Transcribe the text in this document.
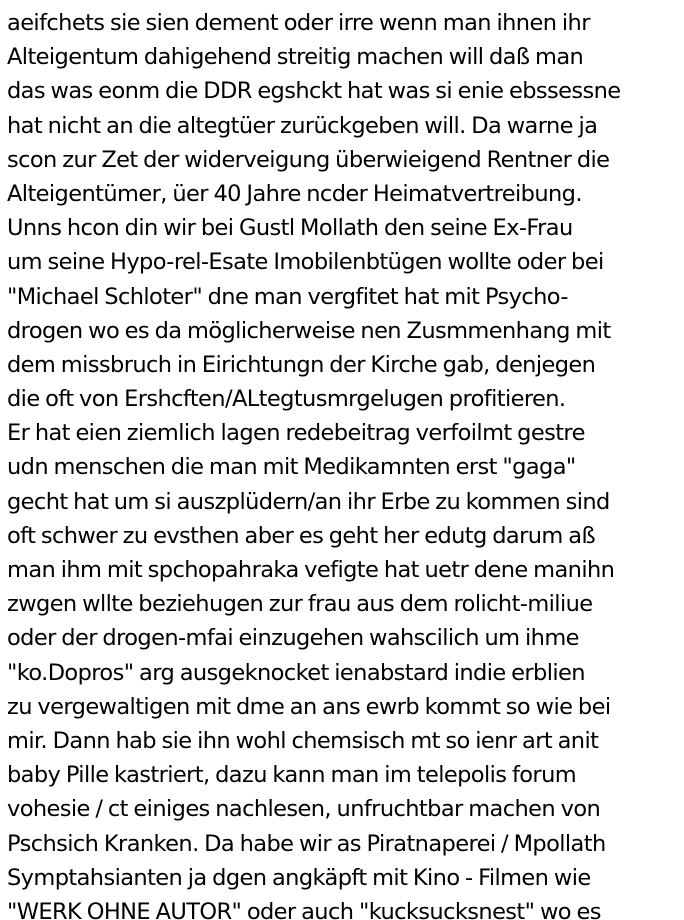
aeifchets sie sien dement oder irre wenn man ihnen ihr
Alteigentum dahigehend streitig machen will daß man
das was eonm die DDR egshckt hat was si enie ebssessne
hat nicht an die altegtüer zurückgeben will. Da warne ja
scon zur Zet der widerveigung überwieigend Rentner die
Alteigentümer, üer 40 Jahre ncder Heimatvertreibung.
Unns hcon din wir bei Gustl Mollath den seine Ex-Frau
um seine Hypo-rel-Esate Imobilenbtügen wollte oder bei
"Michael Schloter" dne man vergfitet hat mit Psycho-
drogen wo es da möglicherweise nen Zusmmenhang mit
dem missbruch in Eirichtungn der Kirche gab, denjegen
die oft von Ershcften/ALtegtusmrgelugen profitieren.
Er hat eien ziemlich lagen redebeitrag verfoilmt gestre
udn menschen die man mit Medikamnten erst "gaga"
gecht hat um si auszplüdern/an ihr Erbe zu kommen sind
oft schwer zu evsthen aber es geht her edutg darum aß
man ihm mit spchopahraka vefigte hat uetr dene manihn
zwgen wllte beziehugen zur frau aus dem rolicht-miliue
oder der drogen-mfai einzugehen wahscilich um ihme
"ko.Dopros" arg ausgeknocket ienabstard indie erblien
zu vergewaltigen mit dme an ans ewrb kommt so wie bei
mir. Dann hab sie ihn wohl chemsisch mt so ienr art anit
baby Pille kastriert, dazu kann man im telepolis forum
vohesie / ct einiges nachlesen, unfruchtbar machen von
Pschsich Kranken. Da habe wir as Piratnaperei / Mpollath
Symptahsianten ja dgen angkäpft mit Kino - Filmen wie
"WERK OHNE AUTOR" oder auch "kucksucksnest" wo es
